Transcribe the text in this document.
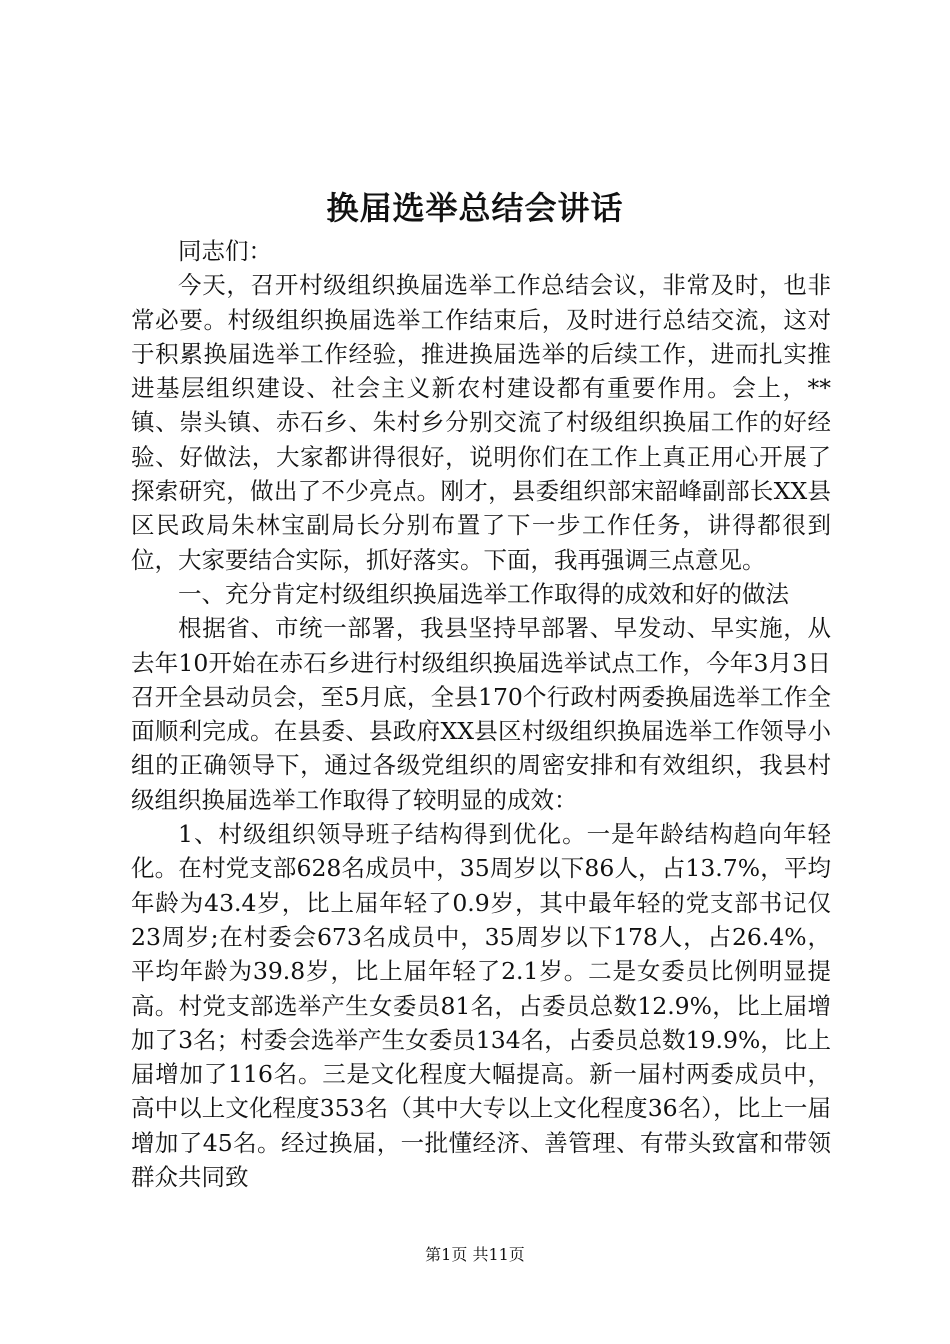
换届选举总结会讲话

同志们：

今天，召开村级组织换届选举工作总结会议，非常及时，也非常必要。村级组织换届选举工作结束后，及时进行总结交流，这对于积累换届选举工作经验，推进换届选举的后续工作，进而扎实推进基层组织建设、社会主义新农村建设都有重要作用。会上，**镇、崇头镇、赤石乡、朱村乡分别交流了村级组织换届工作的好经验、好做法，大家都讲得很好，说明你们在工作上真正用心开展了探索研究，做出了不少亮点。刚才，县委组织部宋韶峰副部长XX县区民政局朱林宝副局长分别布置了下一步工作任务，讲得都很到位，大家要结合实际，抓好落实。下面，我再强调三点意见。

一、充分肯定村级组织换届选举工作取得的成效和好的做法

根据省、市统一部署，我县坚持早部署、早发动、早实施，从去年10开始在赤石乡进行村级组织换届选举试点工作，今年3月3日召开全县动员会，至5月底，全县170个行政村两委换届选举工作全面顺利完成。在县委、县政府XX县区村级组织换届选举工作领导小组的正确领导下，通过各级党组织的周密安排和有效组织，我县村级组织换届选举工作取得了较明显的成效：

1、村级组织领导班子结构得到优化。一是年龄结构趋向年轻化。在村党支部628名成员中，35周岁以下86人，占13.7%，平均年龄为43.4岁，比上届年轻了0.9岁，其中最年轻的党支部书记仅23周岁;在村委会673名成员中，35周岁以下178人，占26.4%，平均年龄为39.8岁，比上届年轻了2.1岁。二是女委员比例明显提高。村党支部选举产生女委员81名，占委员总数12.9%，比上届增加了3名；村委会选举产生女委员134名，占委员总数19.9%，比上届增加了116名。三是文化程度大幅提高。新一届村两委成员中，高中以上文化程度353名（其中大专以上文化程度36名），比上一届增加了45名。经过换届，一批懂经济、善管理、有带头致富和带领群众共同致

第1页 共11页
